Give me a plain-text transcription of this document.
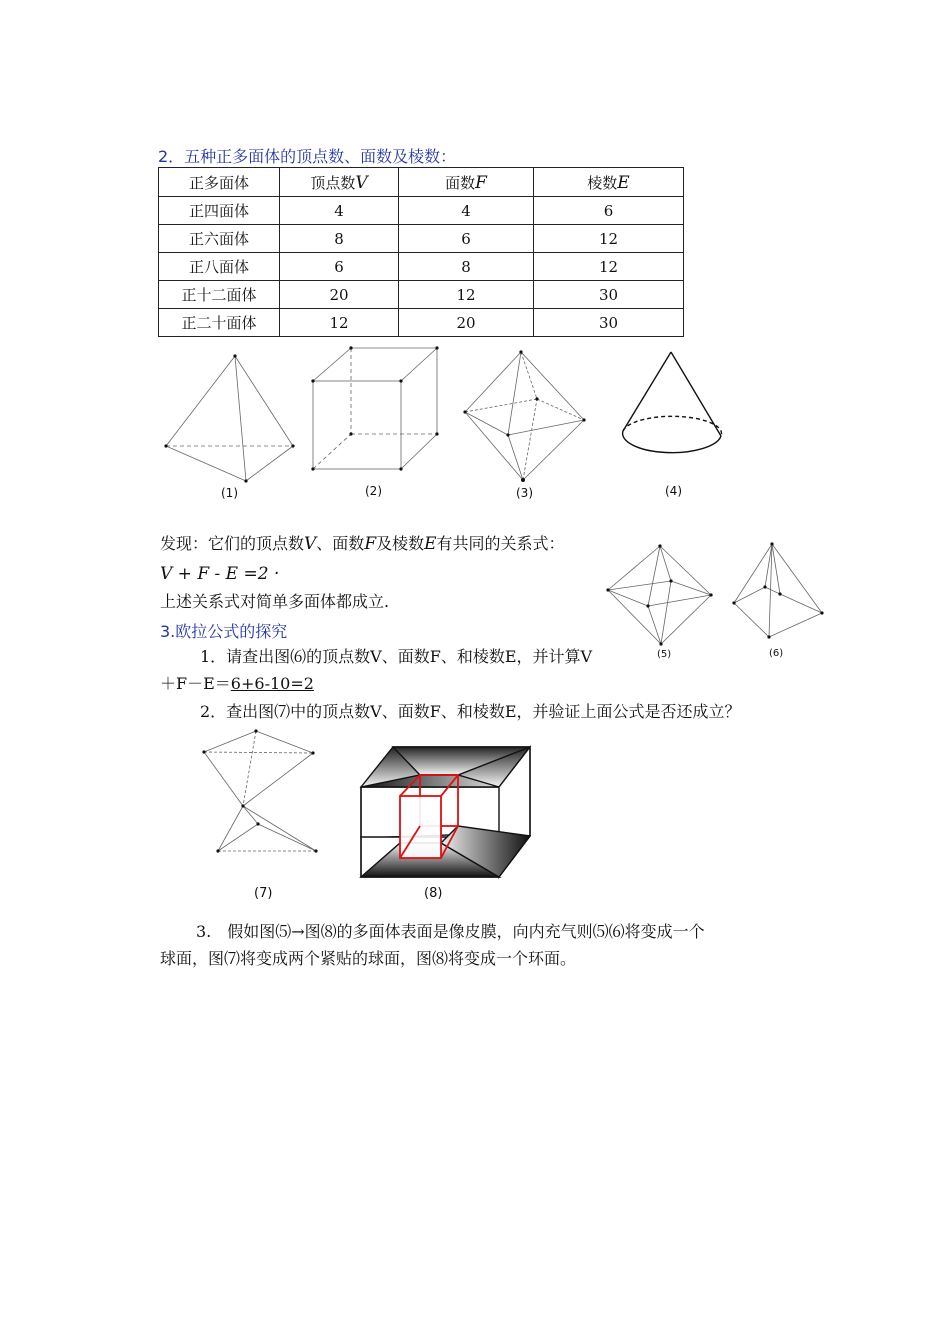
2．五种正多面体的顶点数、面数及棱数：
正多面体	顶点数V	面数F	棱数E
正四面体	4	4	6
正六面体	8	6	12
正八面体	6	8	12
正十二面体	20	12	30
正二十面体	12	20	30
(1)	(2)	(3)	(4)
发现：它们的顶点数V、面数F及棱数E有共同的关系式：
V + F - E =2 ·
上述关系式对简单多面体都成立.
(5)	(6)
3.欧拉公式的探究
1．请查出图⑹的顶点数V、面数F、和棱数E，并计算V
＋F－E＝6+6-10=2
2．查出图⑺中的顶点数V、面数F、和棱数E，并验证上面公式是否还成立？
(7)	(8)
3.　假如图⑸→图⑻的多面体表面是像皮膜，向内充气则⑸⑹将变成一个
球面，图⑺将变成两个紧贴的球面，图⑻将变成一个环面。
